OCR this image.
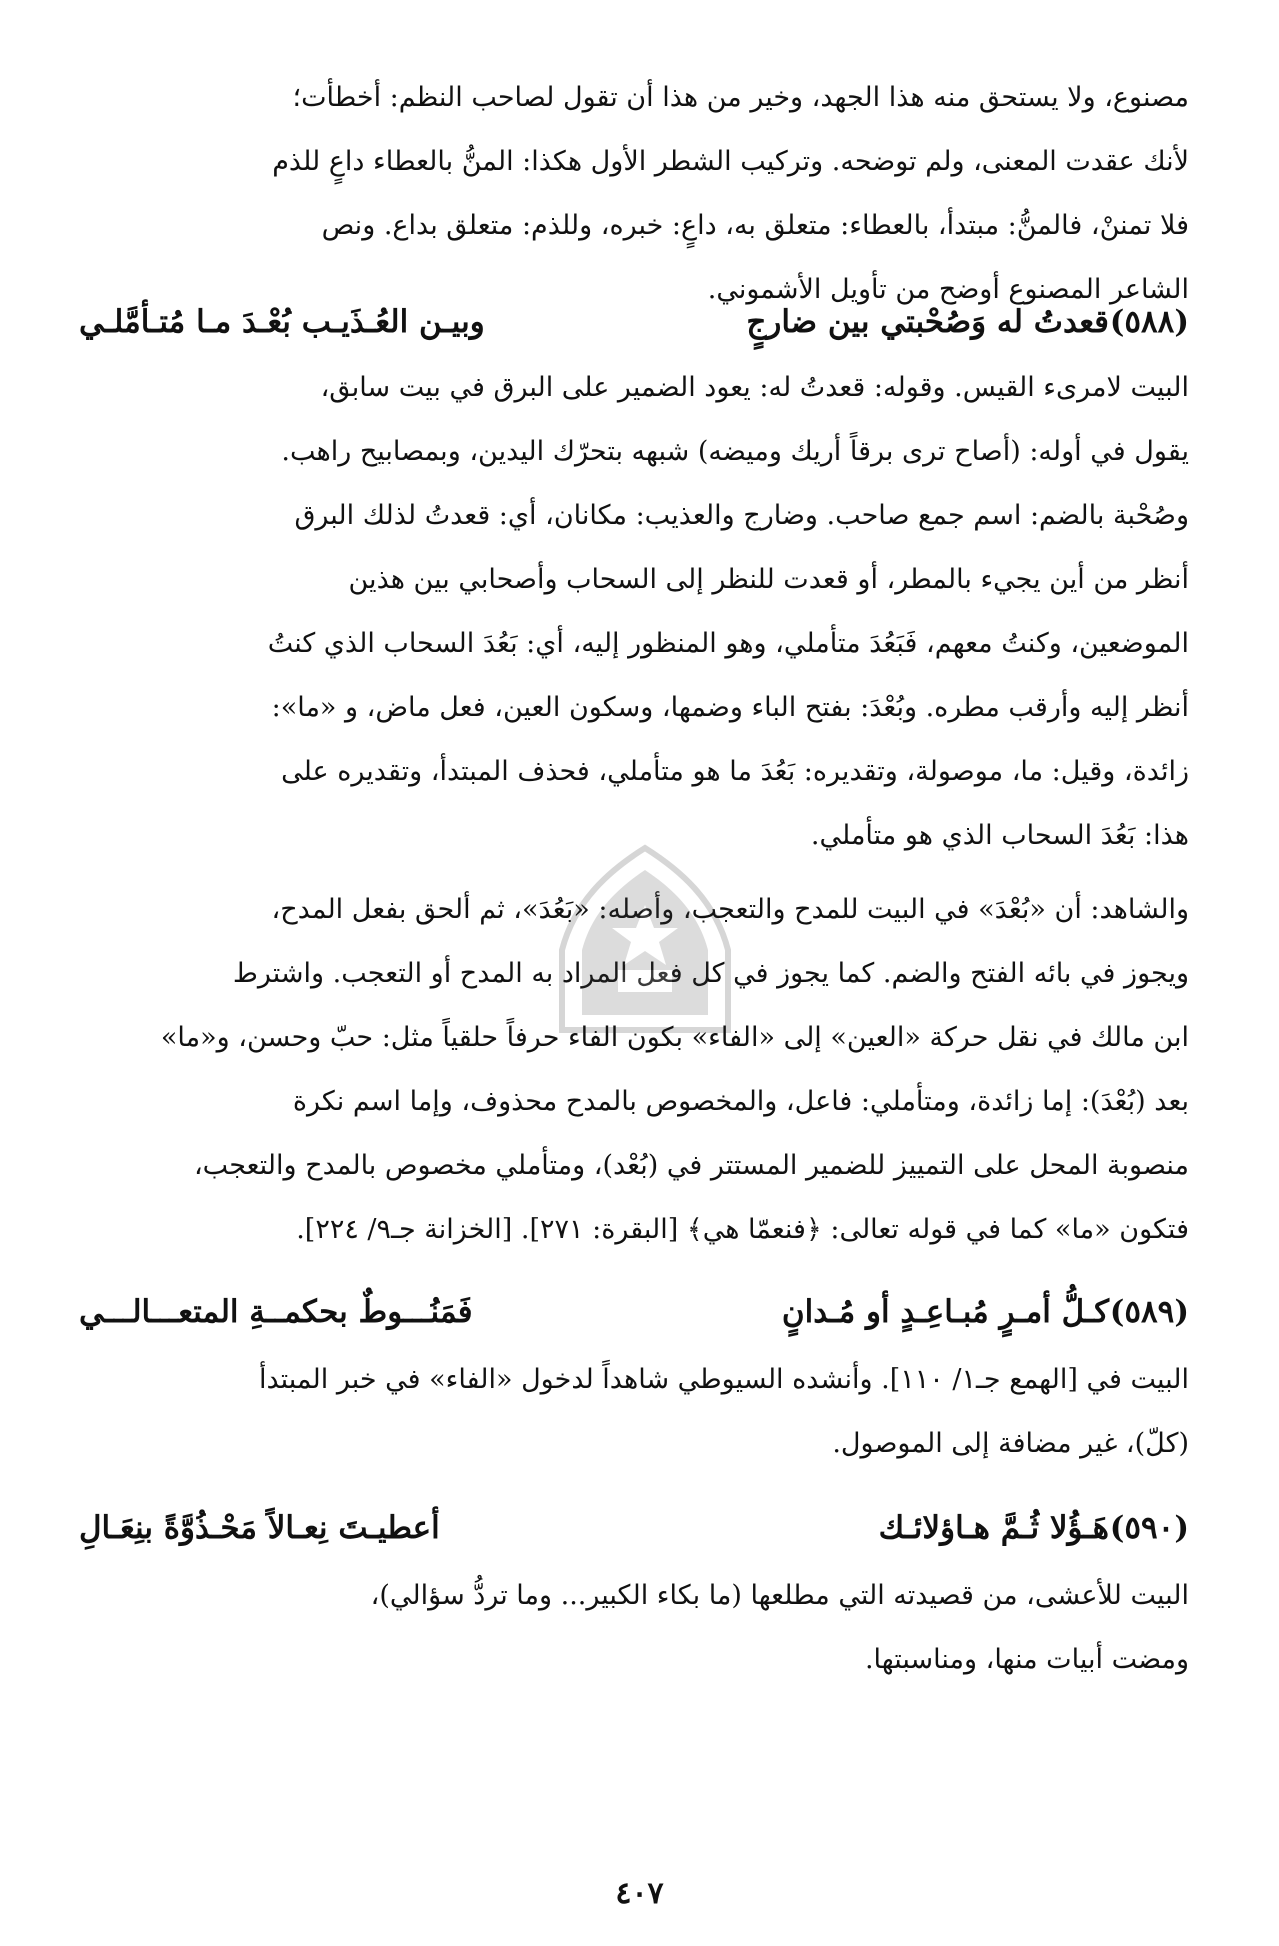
مصنوع، ولا يستحق منه هذا الجهد، وخير من هذا أن تقول لصاحب النظم: أخطأت؛
لأنك عقدت المعنى، ولم توضحه. وتركيب الشطر الأول هكذا: المنُّ بالعطاء داعٍ للذم
فلا تمننْ، فالمنُّ: مبتدأ، بالعطاء: متعلق به، داعٍ: خبره، وللذم: متعلق بداع. ونص
الشاعر المصنوع أوضح من تأويل الأشموني.
(٥٨٨)
قعدتُ له وَصُحْبتي بين ضارجٍ
وبيـن العُـذَيـب بُعْـدَ مـا مُتـأمَّلـي
البيت لامرىء القيس. وقوله: قعدتُ له: يعود الضمير على البرق في بيت سابق،
يقول في أوله: (أصاح ترى برقاً أريك وميضه) شبهه بتحرّك اليدين، وبمصابيح راهب.
وصُحْبة بالضم: اسم جمع صاحب. وضارج والعذيب: مكانان، أي: قعدتُ لذلك البرق
أنظر من أين يجيء بالمطر، أو قعدت للنظر إلى السحاب وأصحابي بين هذين
الموضعين، وكنتُ معهم، فَبَعُدَ متأملي، وهو المنظور إليه، أي: بَعُدَ السحاب الذي كنتُ
أنظر إليه وأرقب مطره. وبُعْدَ: بفتح الباء وضمها، وسكون العين، فعل ماض، و «ما»:
زائدة، وقيل: ما، موصولة، وتقديره: بَعُدَ ما هو متأملي، فحذف المبتدأ، وتقديره على
هذا: بَعُدَ السحاب الذي هو متأملي.
والشاهد: أن «بُعْدَ» في البيت للمدح والتعجب، وأصله: «بَعُدَ»، ثم ألحق بفعل المدح،
ويجوز في بائه الفتح والضم. كما يجوز في كل فعل المراد به المدح أو التعجب. واشترط
ابن مالك في نقل حركة «العين» إلى «الفاء» بكون الفاء حرفاً حلقياً مثل: حبّ وحسن، و«ما»
بعد (بُعْدَ): إما زائدة، ومتأملي: فاعل، والمخصوص بالمدح محذوف، وإما اسم نكرة
منصوبة المحل على التمييز للضمير المستتر في (بُعْد)، ومتأملي مخصوص بالمدح والتعجب،
فتكون «ما» كما في قوله تعالى: ﴿فنعمّا هي﴾ [البقرة: ٢٧١]. [الخزانة جـ٩/ ٢٢٤].
(٥٨٩)
كـلُّ أمـرٍ مُبـاعِـدٍ أو مُـدانٍ
فَمَنُـــوطٌ بحكمــةِ المتعـــالـــي
البيت في [الهمع جـ١/ ١١٠]. وأنشده السيوطي شاهداً لدخول «الفاء» في خبر المبتدأ
(كلّ)، غير مضافة إلى الموصول.
(٥٩٠)
هَـؤُلا ثُـمَّ هـاؤلائـك
أعطيـتَ نِعـالاً مَحْـذُوَّةً بنِعَـالِ
البيت للأعشى، من قصيدته التي مطلعها (ما بكاء الكبير... وما تردُّ سؤالي)،
ومضت أبيات منها، ومناسبتها.
٤٠٧
